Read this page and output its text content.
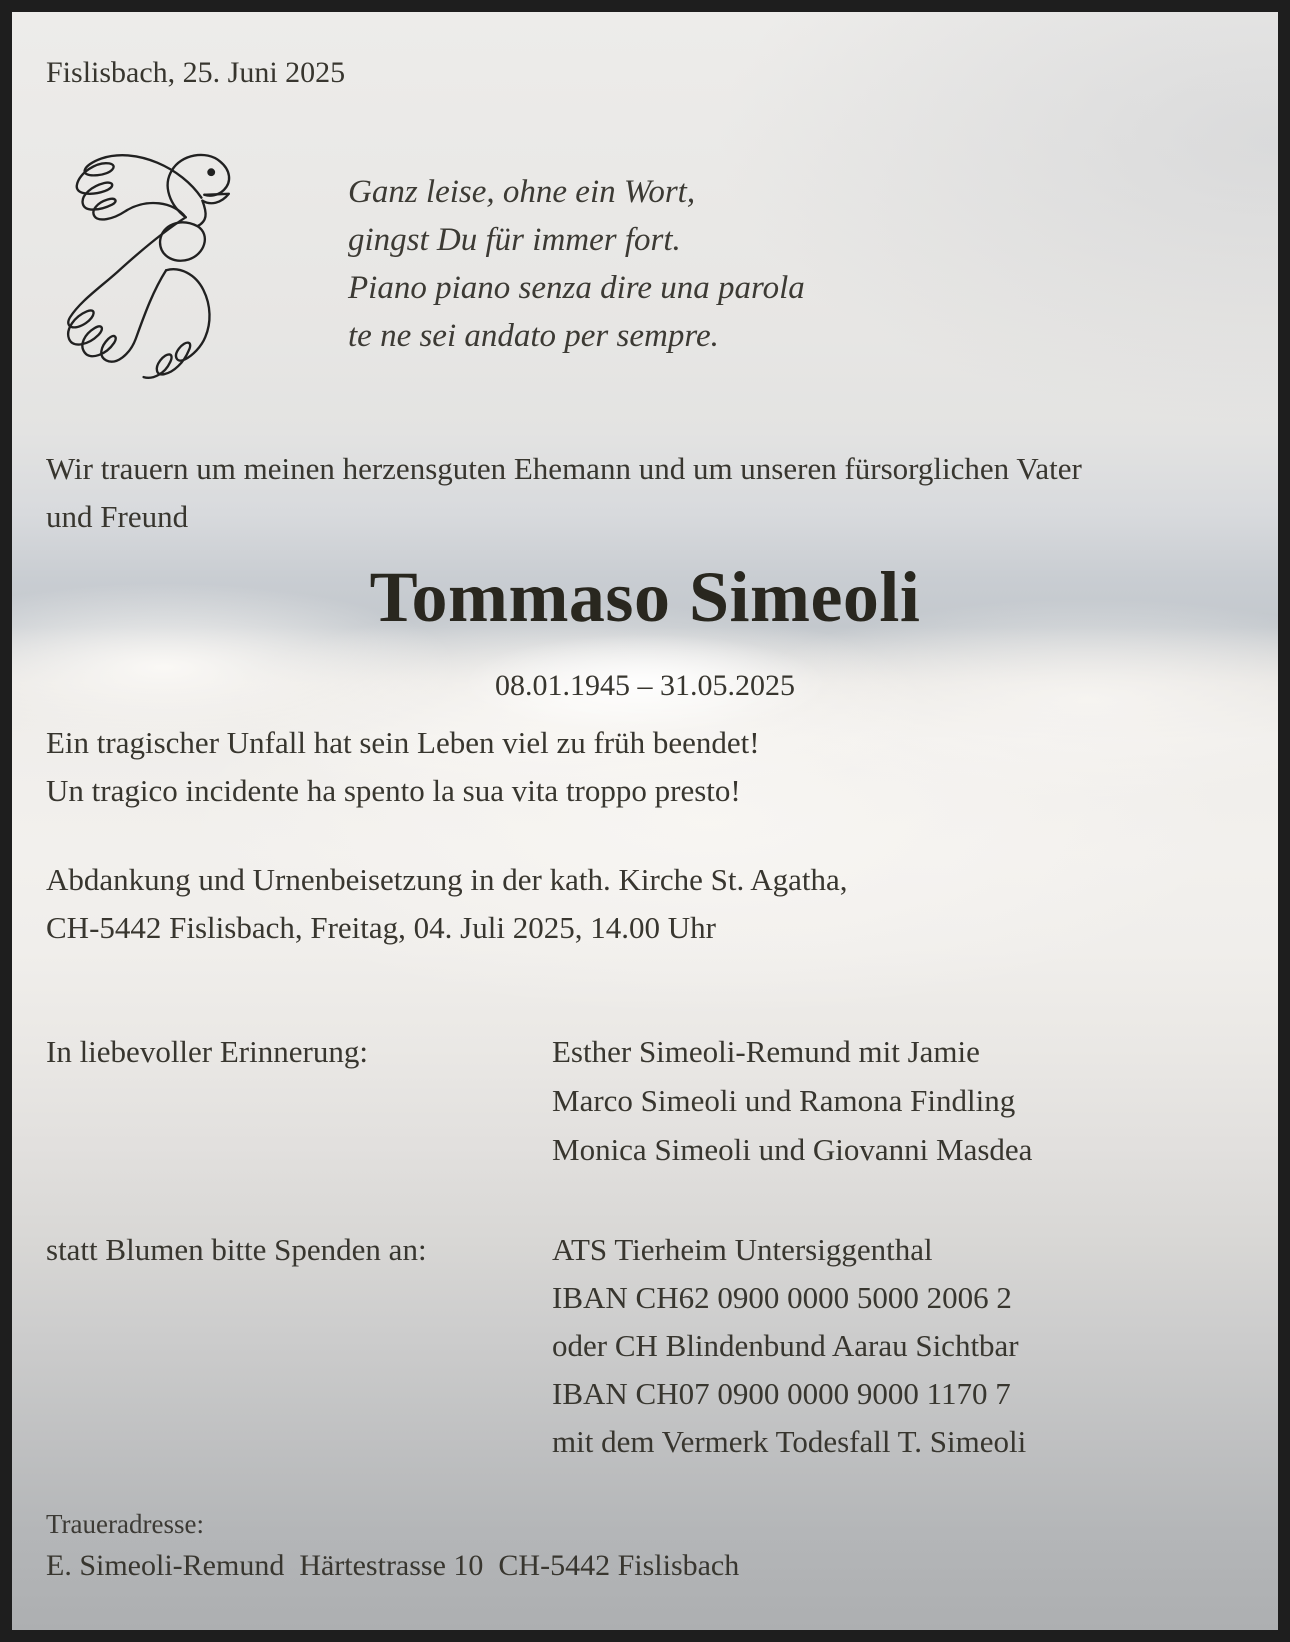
Fislisbach, 25. Juni 2025
Ganz leise, ohne ein Wort,
gingst Du für immer fort.
Piano piano senza dire una parola
te ne sei andato per sempre.
Wir trauern um meinen herzensguten Ehemann und um unseren fürsorglichen Vater
und Freund
Tommaso Simeoli
08.01.1945 – 31.05.2025
Ein tragischer Unfall hat sein Leben viel zu früh beendet!
Un tragico incidente ha spento la sua vita troppo presto!
Abdankung und Urnenbeisetzung in der kath. Kirche St. Agatha,
CH-5442 Fislisbach, Freitag, 04. Juli 2025, 14.00 Uhr
In liebevoller Erinnerung:	Esther Simeoli-Remund mit Jamie
Marco Simeoli und Ramona Findling
Monica Simeoli und Giovanni Masdea
statt Blumen bitte Spenden an:	ATS Tierheim Untersiggenthal
IBAN CH62 0900 0000 5000 2006 2
oder CH Blindenbund Aarau Sichtbar
IBAN CH07 0900 0000 9000 1170 7
mit dem Vermerk Todesfall T. Simeoli
Traueradresse:
E. Simeoli-Remund  Härtestrasse 10  CH-5442 Fislisbach
